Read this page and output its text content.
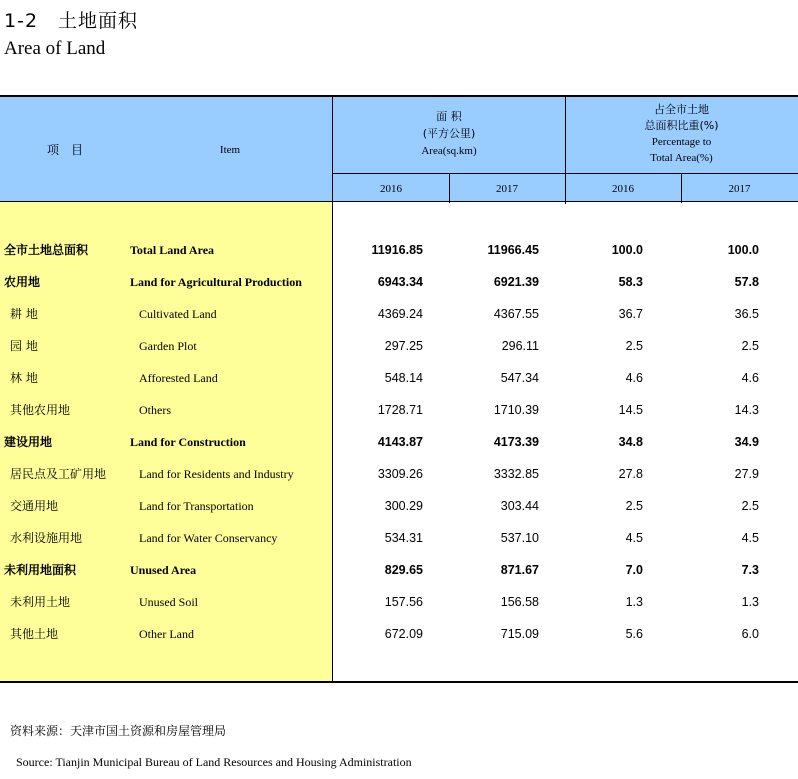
1-2　土地面积
Area of Land
项　目	Item
面 积
(平方公里)
Area(sq.km)
占全市土地
总面积比重(%)
Percentage to
Total Area(%)
2016	2017	2016	2017
全市土地总面积	Total Land Area	11916.85	11966.45	100.0	100.0
农用地	Land for Agricultural Production	6943.34	6921.39	58.3	57.8
耕 地	Cultivated Land	4369.24	4367.55	36.7	36.5
园 地	Garden Plot	297.25	296.11	2.5	2.5
林 地	Afforested Land	548.14	547.34	4.6	4.6
其他农用地	Others	1728.71	1710.39	14.5	14.3
建设用地	Land for Construction	4143.87	4173.39	34.8	34.9
居民点及工矿用地	Land for Residents and Industry	3309.26	3332.85	27.8	27.9
交通用地	Land for Transportation	300.29	303.44	2.5	2.5
水利设施用地	Land for Water Conservancy	534.31	537.10	4.5	4.5
未利用地面积	Unused Area	829.65	871.67	7.0	7.3
未利用土地	Unused Soil	157.56	156.58	1.3	1.3
其他土地	Other Land	672.09	715.09	5.6	6.0
资料来源：天津市国土资源和房屋管理局
Source: Tianjin Municipal Bureau of Land Resources and Housing Administration
